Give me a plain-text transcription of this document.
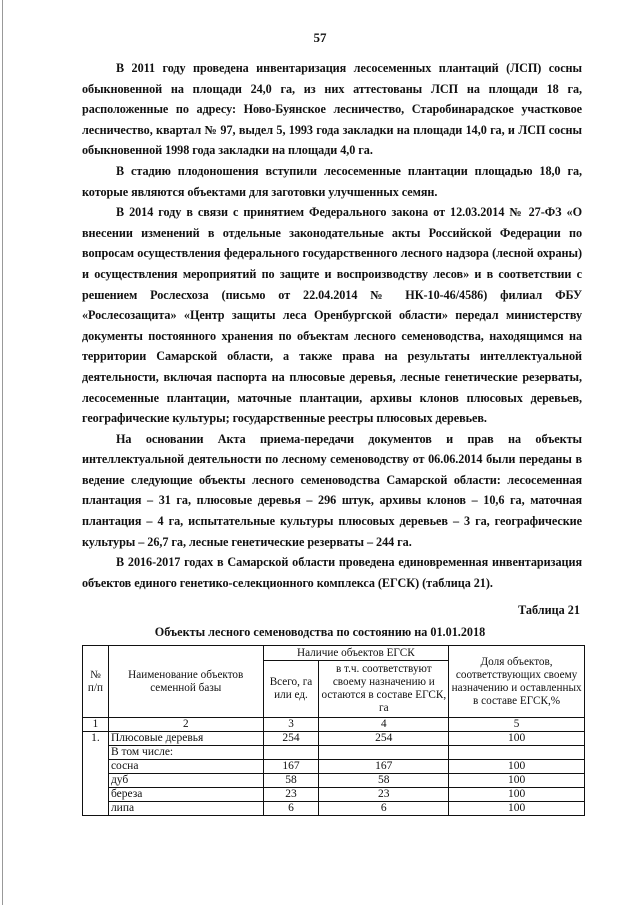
57

В 2011 году проведена инвентаризация лесосеменных плантаций (ЛСП) сосны обыкновенной на площади 24,0 га, из них аттестованы ЛСП на площади 18 га, расположенные по адресу: Ново-Буянское лесничество, Старобинарадское участковое лесничество, квартал № 97, выдел 5, 1993 года закладки на площади 14,0 га, и ЛСП сосны обыкновенной 1998 года закладки на площади 4,0 га.

В стадию плодоношения вступили лесосеменные плантации площадью 18,0 га, которые являются объектами для заготовки улучшенных семян.

В 2014 году в связи с принятием Федерального закона от 12.03.2014 № 27-ФЗ «О внесении изменений в отдельные законодательные акты Российской Федерации по вопросам осуществления федерального государственного лесного надзора (лесной охраны) и осуществления мероприятий по защите и воспроизводству лесов» и в соответствии с решением Рослесхоза (письмо от 22.04.2014 № НК-10-46/4586) филиал ФБУ «Рослесозащита» «Центр защиты леса Оренбургской области» передал министерству документы постоянного хранения по объектам лесного семеноводства, находящимся на территории Самарской области, а также права на результаты интеллектуальной деятельности, включая паспорта на плюсовые деревья, лесные генетические резерваты, лесосеменные плантации, маточные плантации, архивы клонов плюсовых деревьев, географические культуры; государственные реестры плюсовых деревьев.

На основании Акта приема-передачи документов и прав на объекты интеллектуальной деятельности по лесному семеноводству от 06.06.2014 были переданы в ведение следующие объекты лесного семеноводства Самарской области: лесосеменная плантация – 31 га, плюсовые деревья – 296 штук, архивы клонов – 10,6 га, маточная плантация – 4 га, испытательные культуры плюсовых деревьев – 3 га, географические культуры – 26,7 га, лесные генетические резерваты – 244 га.

В 2016-2017 годах в Самарской области проведена единовременная инвентаризация объектов единого генетико-селекционного комплекса (ЕГСК) (таблица 21).

Таблица 21
Объекты лесного семеноводства по состоянию на 01.01.2018
№ п/п	Наименование объектов семенной базы	Наличие объектов ЕГСК		Доля объектов, соответствующих своему назначению и оставленных в составе ЕГСК,%
		Всего, га или ед.	в т.ч. соответствуют своему назначению и остаются в составе ЕГСК, га	
1	2	3	4	5
1.	Плюсовые деревья	254	254	100
	В том числе:			
	сосна	167	167	100
	дуб	58	58	100
	береза	23	23	100
	липа	6	6	100
